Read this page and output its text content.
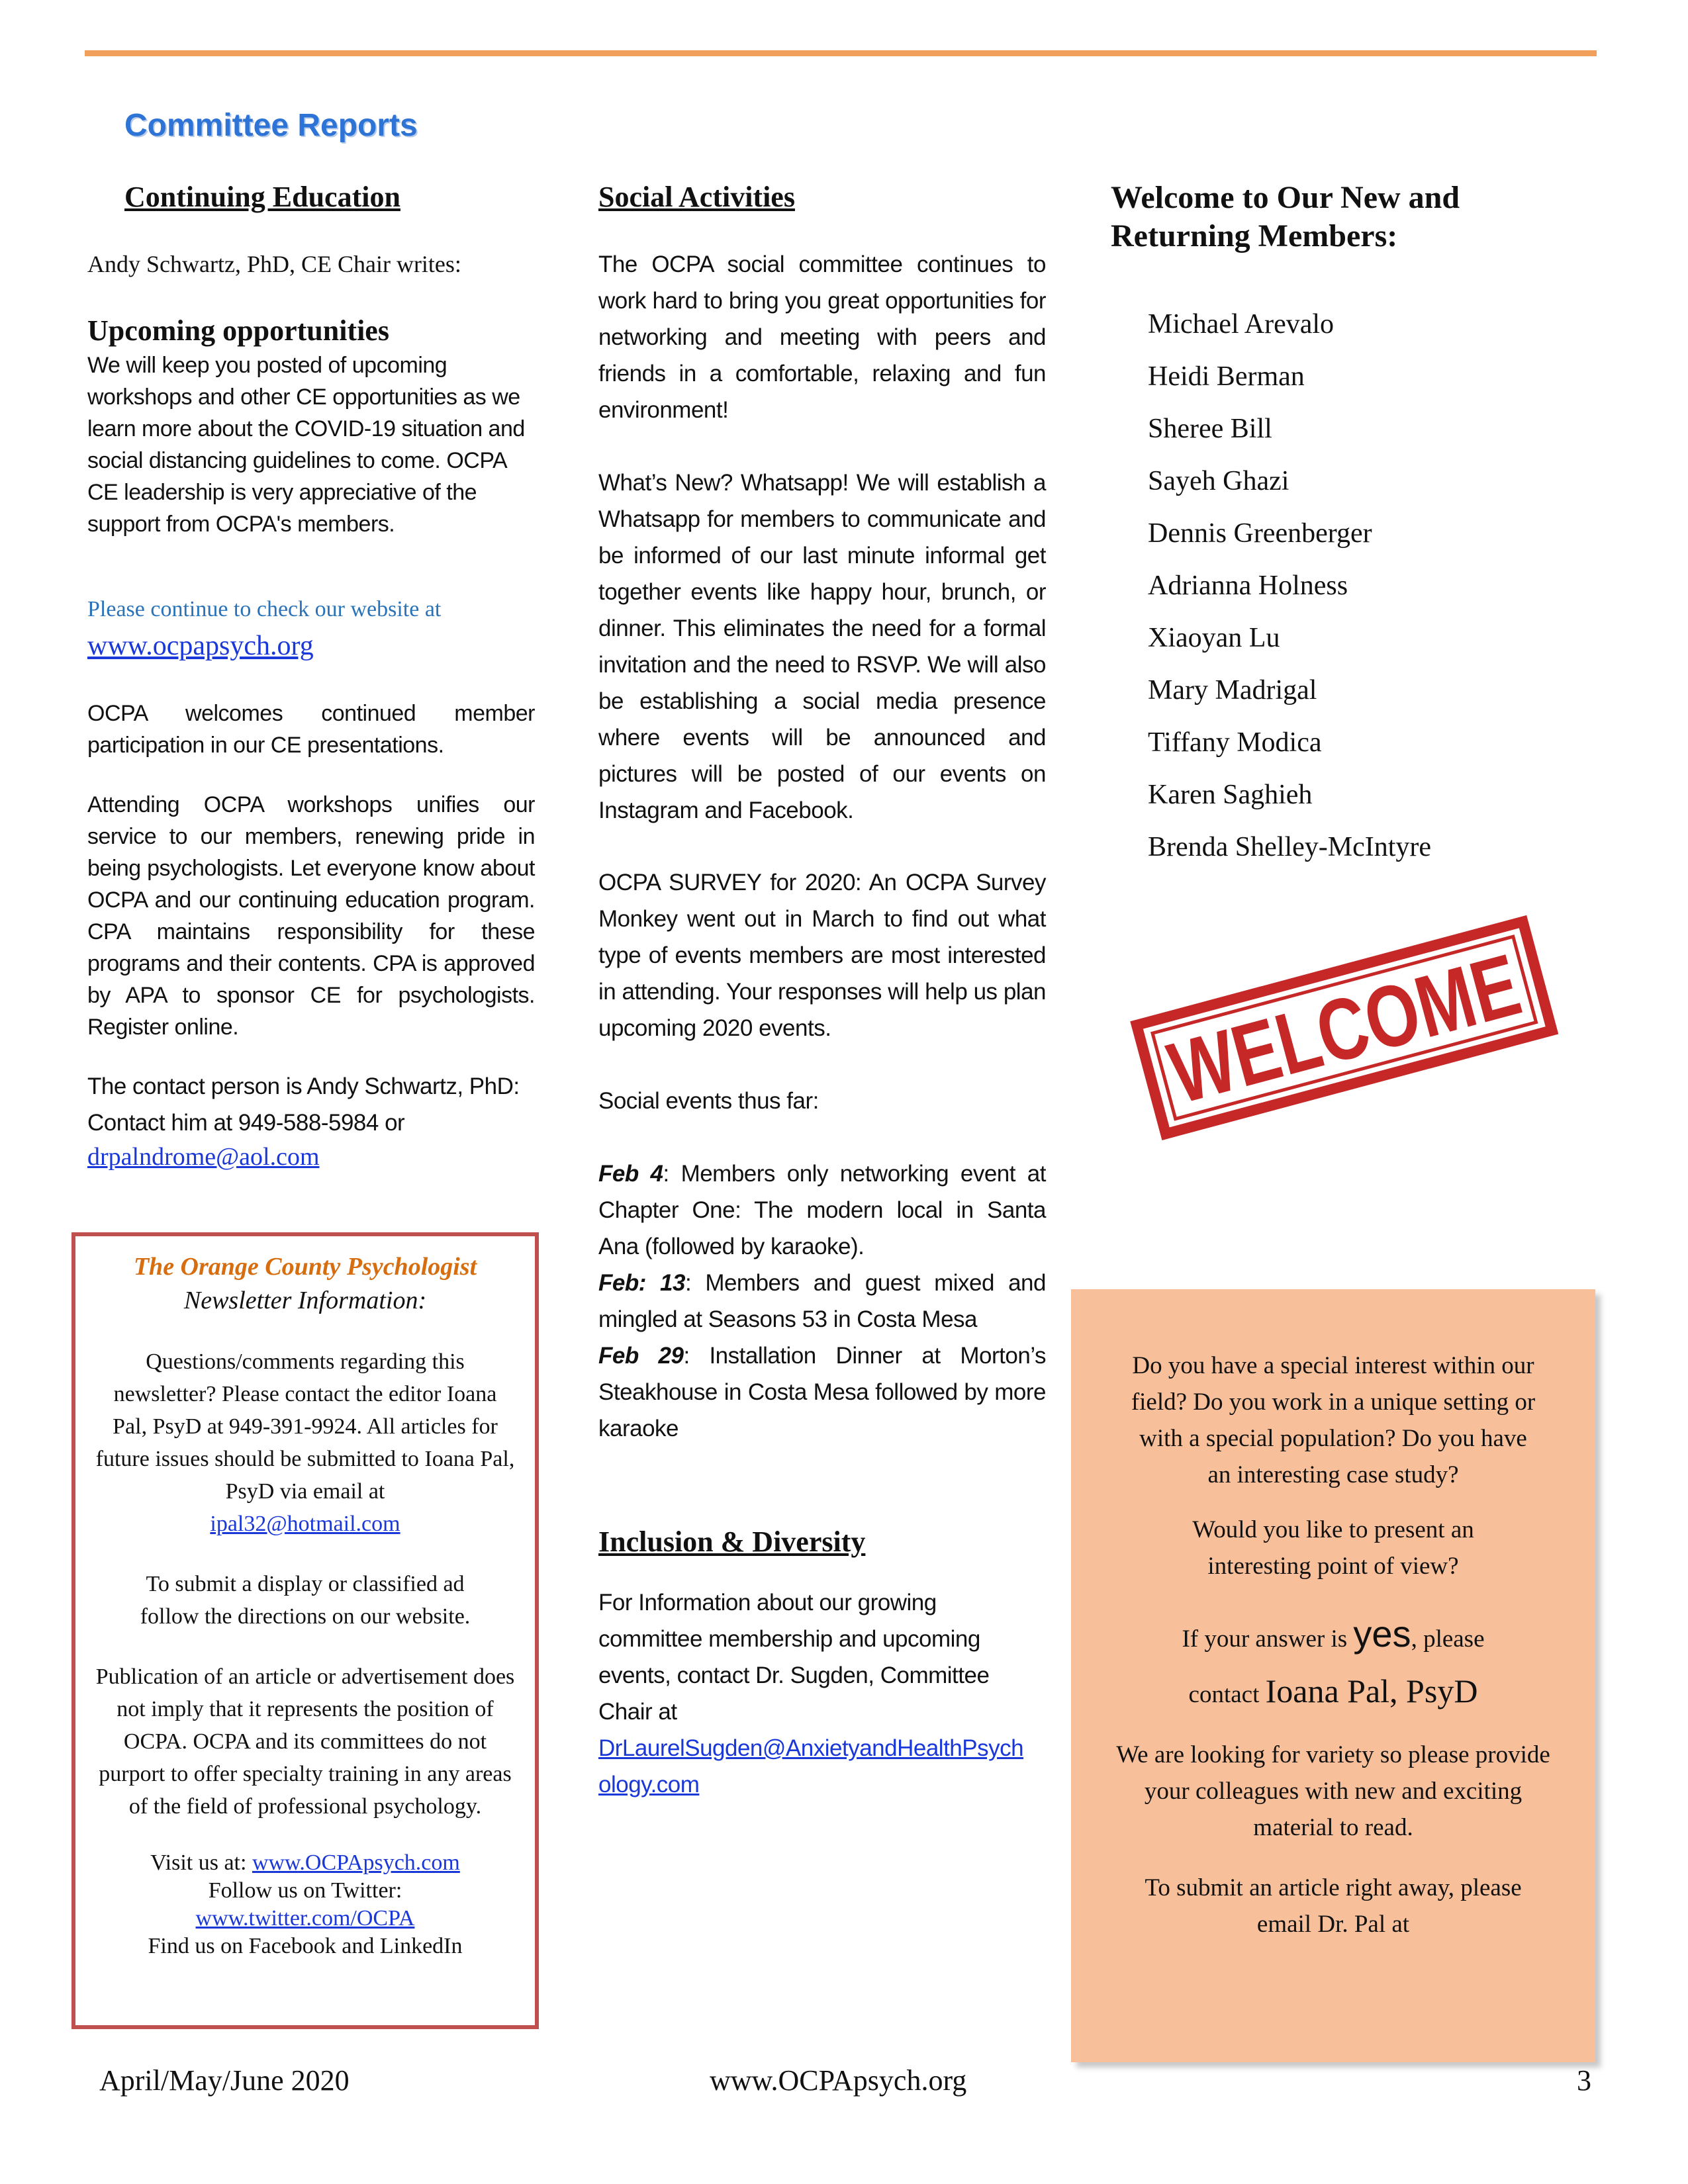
Committee Reports
Continuing Education
Andy Schwartz, PhD, CE Chair writes:
Upcoming opportunities

We will keep you posted of upcoming workshops and other CE opportunities as we learn more about the COVID-19 situation and social distancing guidelines to come. OCPA CE leadership is very appreciative of the support from OCPA's members.

Please continue to check our website at
www.ocpapsych.org

OCPA welcomes continued member participation in our CE presentations.

Attending OCPA workshops unifies our service to our members, renewing pride in being psychologists. Let everyone know about OCPA and our continuing education program. CPA maintains responsibility for these programs and their contents. CPA is approved by APA to sponsor CE for psychologists. Register online.

The contact person is Andy Schwartz, PhD:
Contact him at 949-588-5984 or
drpalndrome@aol.com
The Orange County Psychologist
Newsletter Information:

Questions/comments regarding this newsletter? Please contact the editor Ioana Pal, PsyD at 949-391-9924. All articles for future issues should be submitted to Ioana Pal, PsyD via email at
ipal32@hotmail.com

To submit a display or classified ad follow the directions on our website.

Publication of an article or advertisement does not imply that it represents the position of OCPA. OCPA and its committees do not purport to offer specialty training in any areas of the field of professional psychology.

Visit us at: www.OCPApsych.com
Follow us on Twitter:
www.twitter.com/OCPA
Find us on Facebook and LinkedIn
Social Activities

The OCPA social committee continues to work hard to bring you great opportunities for networking and meeting with peers and friends in a comfortable, relaxing and fun environment!

What’s New? Whatsapp! We will establish a Whatsapp for members to communicate and be informed of our last minute informal get together events like happy hour, brunch, or dinner. This eliminates the need for a formal invitation and the need to RSVP. We will also be establishing a social media presence where events will be announced and pictures will be posted of our events on Instagram and Facebook.

OCPA SURVEY for 2020: An OCPA Survey Monkey went out in March to find out what type of events members are most interested in attending. Your responses will help us plan upcoming 2020 events.

Social events thus far:

Feb 4: Members only networking event at Chapter One: The modern local in Santa Ana (followed by karaoke).

Feb: 13: Members and guest mixed and mingled at Seasons 53 in Costa Mesa

Feb 29: Installation Dinner at Morton’s Steakhouse in Costa Mesa followed by more karaoke

Inclusion & Diversity

For Information about our growing committee membership and upcoming events, contact Dr. Sugden, Committee Chair at

DrLaurelSugden@AnxietyandHealthPsych
ology.com
Welcome to Our New and Returning Members:
Michael Arevalo
Heidi Berman
Sheree Bill
Sayeh Ghazi
Dennis Greenberger
Adrianna Holness
Xiaoyan Lu
Mary Madrigal
Tiffany Modica
Karen Saghieh
Brenda Shelley-McIntyre
WELCOME

Do you have a special interest within our field? Do you work in a unique setting or with a special population? Do you have an interesting case study?

Would you like to present an interesting point of view?

If your answer is yes, please
contact Ioana Pal, PsyD

We are looking for variety so please provide your colleagues with new and exciting material to read.

To submit an article right away, please email Dr. Pal at

April/May/June 2020	www.OCPApsych.org	3
